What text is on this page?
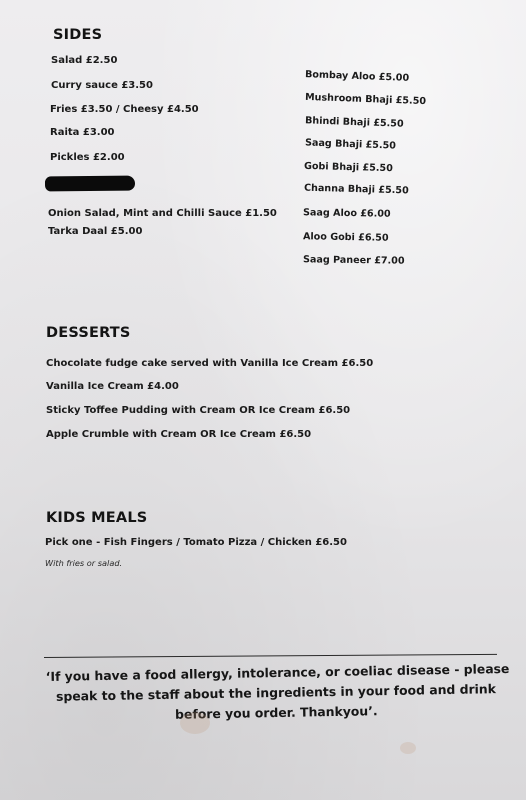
SIDES
Salad £2.50
Curry sauce £3.50
Fries £3.50 / Cheesy £4.50
Raita £3.00
Pickles £2.00
Onion Salad, Mint and Chilli Sauce £1.50
Tarka Daal £5.00
Bombay Aloo £5.00
Mushroom Bhaji £5.50
Bhindi Bhaji £5.50
Saag Bhaji £5.50
Gobi Bhaji £5.50
Channa Bhaji £5.50
Saag Aloo £6.00
Aloo Gobi £6.50
Saag Paneer £7.00
DESSERTS
Chocolate fudge cake served with Vanilla Ice Cream £6.50
Vanilla Ice Cream £4.00
Sticky Toffee Pudding with Cream OR Ice Cream £6.50
Apple Crumble with Cream OR Ice Cream £6.50
KIDS MEALS
Pick one - Fish Fingers / Tomato Pizza / Chicken £6.50
With fries or salad.
‘If you have a food allergy, intolerance, or coeliac disease - please
speak to the staff about the ingredients in your food and drink
before you order. Thankyou’.
